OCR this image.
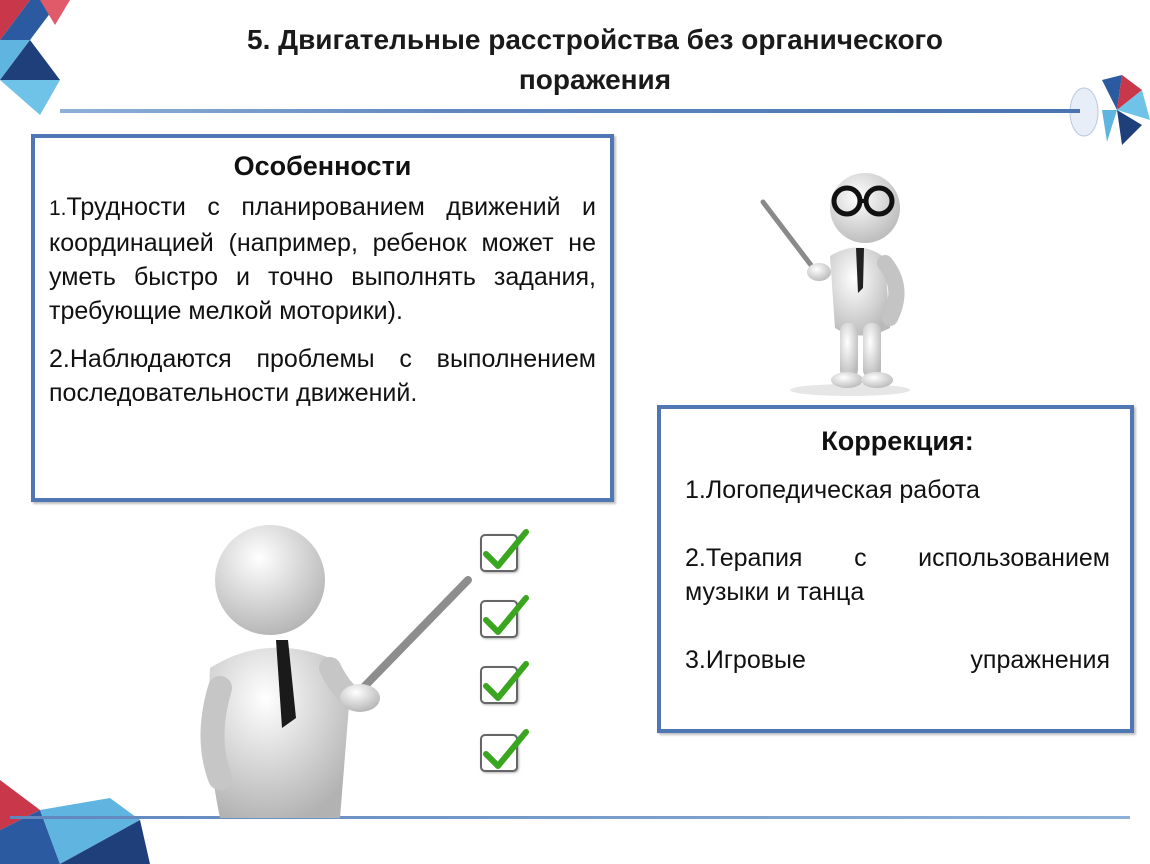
5. Двигательные расстройства без органического
поражения
Особенности

1.Трудности с планированием движений и координацией (например, ребенок может не уметь быстро и точно выполнять задания, требующие мелкой моторики).

2.Наблюдаются проблемы с выполнением последовательности движений.

Коррекция:

1.Логопедическая работа

2.Терапия с использованием музыки и танца

3.Игровые упражнения
